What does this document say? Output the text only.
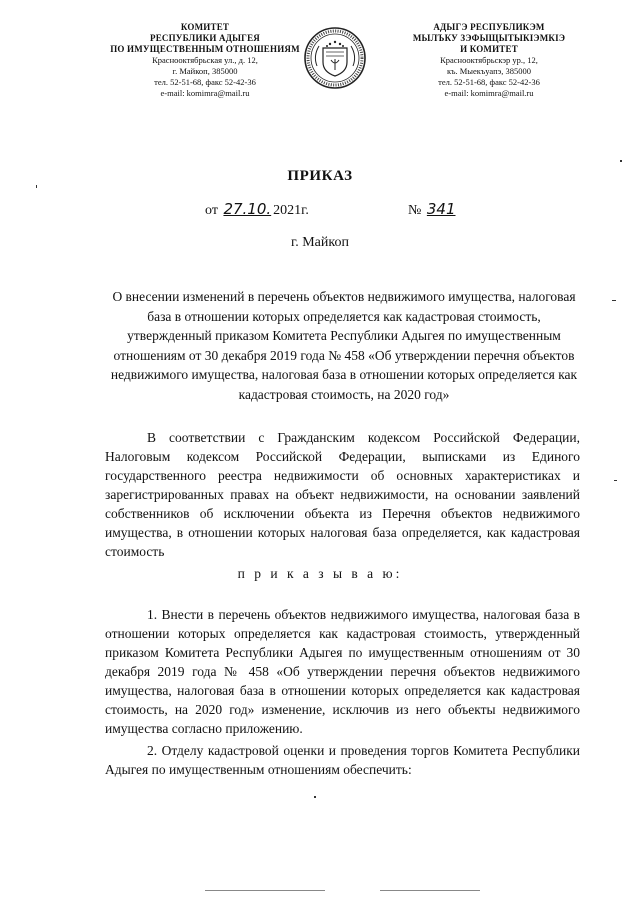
КОМИТЕТ
РЕСПУБЛИКИ АДЫГЕЯ
ПО ИМУЩЕСТВЕННЫМ ОТНОШЕНИЯМ
Краснооктябрьская ул., д. 12,
г. Майкоп, 385000
тел. 52-51-68, факс 52-42-36
e-mail: komimra@mail.ru
АДЫГЭ РЕСПУБЛИКЭМ
МЫЛЪКУ ЗЭФЫЩЫТЫКIЭМКIЭ
И КОМИТЕТ
Краснооктябрьскэр ур., 12,
къ. Мыекъуапэ, 385000
тел. 52-51-68, факс 52-42-36
e-mail: komimra@mail.ru
ПРИКАЗ
от 27.10. 2021г.	№ 341
г. Майкоп
О внесении изменений в перечень объектов недвижимого имущества, налоговая база в отношении которых определяется как кадастровая стоимость, утвержденный приказом Комитета Республики Адыгея по имущественным отношениям от 30 декабря 2019 года № 458 «Об утверждении перечня объектов недвижимого имущества, налоговая база в отношении которых определяется как кадастровая стоимость, на 2020 год»
В соответствии с Гражданским кодексом Российской Федерации, Налоговым кодексом Российской Федерации, выписками из Единого государственного реестра недвижимости об основных характеристиках и зарегистрированных правах на объект недвижимости, на основании заявлений собственников об исключении объекта из Перечня объектов недвижимого имущества, в отношении которых налоговая база определяется, как кадастровая стоимость
п р и к а з ы в а ю:
1. Внести в перечень объектов недвижимого имущества, налоговая база в отношении которых определяется как кадастровая стоимость, утвержденный приказом Комитета Республики Адыгея по имущественным отношениям от 30 декабря 2019 года № 458 «Об утверждении перечня объектов недвижимого имущества, налоговая база в отношении которых определяется как кадастровая стоимость, на 2020 год» изменение, исключив из него объекты недвижимого имущества согласно приложению.
2. Отделу кадастровой оценки и проведения торгов Комитета Республики Адыгея по имущественным отношениям обеспечить:
